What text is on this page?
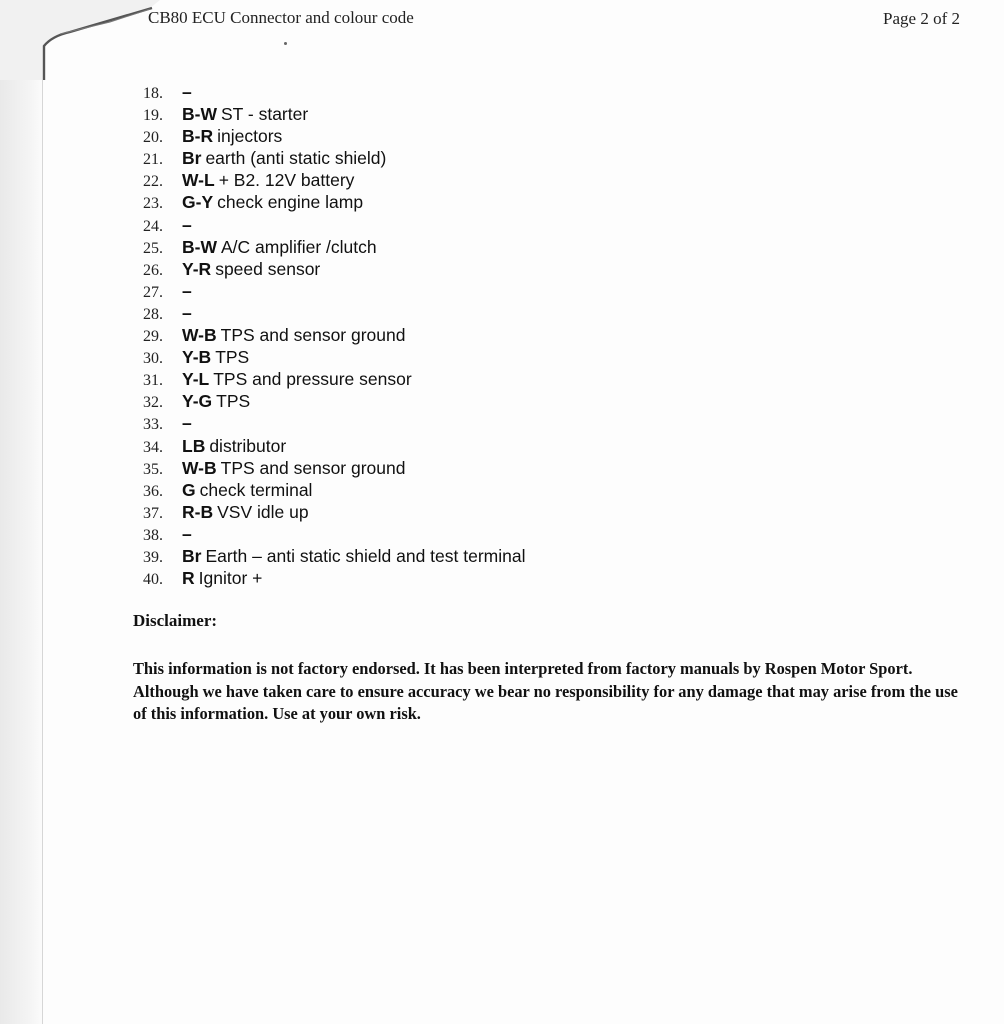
CB80 ECU Connector and colour code	Page 2 of 2
18. –
19. B-W ST - starter
20. B-R injectors
21. Br earth (anti static shield)
22. W-L + B2. 12V battery
23. G-Y check engine lamp
24. –
25. B-W A/C amplifier /clutch
26. Y-R speed sensor
27. –
28. –
29. W-B TPS and sensor ground
30. Y-B TPS
31. Y-L TPS and pressure sensor
32. Y-G TPS
33. –
34. LB distributor
35. W-B TPS and sensor ground
36. G check terminal
37. R-B VSV idle up
38. –
39. Br Earth – anti static shield and test terminal
40. R Ignitor +
Disclaimer:
This information is not factory endorsed. It has been interpreted from factory manuals by Rospen Motor Sport. Although we have taken care to ensure accuracy we bear no responsibility for any damage that may arise from the use of this information. Use at your own risk.
